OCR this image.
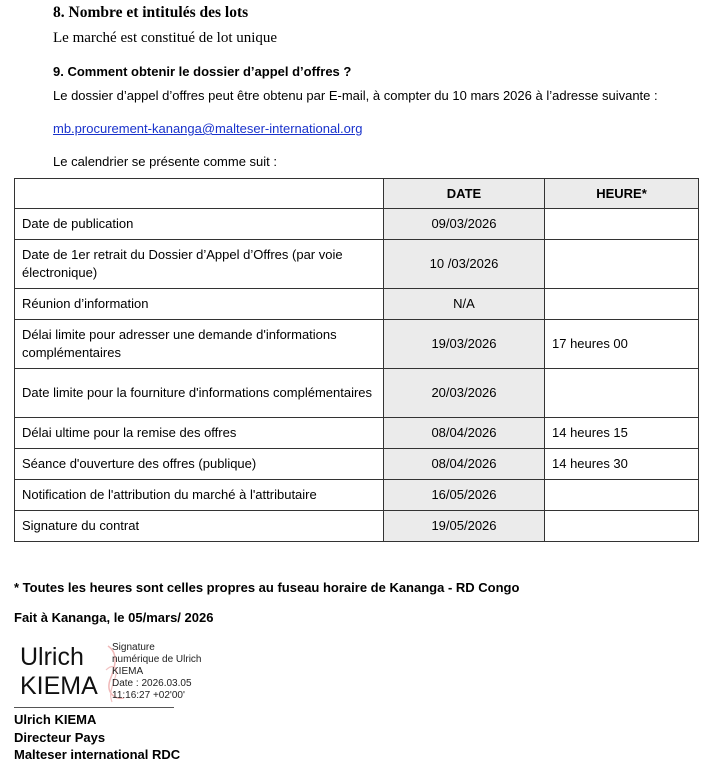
8. Nombre et intitulés des lots
Le marché est constitué de lot unique
9. Comment obtenir le dossier d’appel d’offres ?
Le dossier d’appel d’offres peut être obtenu par E-mail, à compter du 10 mars 2026 à l’adresse suivante :
mb.procurement-kananga@malteser-international.org
Le calendrier se présente comme suit :
	DATE	HEURE*
Date de publication	09/03/2026	
Date de 1er retrait du Dossier d’Appel d’Offres (par voie électronique)	10 /03/2026	
Réunion d’information	N/A	
Délai limite pour adresser une demande d'informations complémentaires	19/03/2026	17 heures 00
Date limite pour la fourniture d'informations complémentaires	20/03/2026	
Délai ultime pour la remise des offres	08/04/2026	14 heures 15
Séance d'ouverture des offres (publique)	08/04/2026	14 heures 30
Notification de l'attribution du marché à l'attributaire	16/05/2026	
Signature du contrat	19/05/2026	
* Toutes les heures sont celles propres au fuseau horaire de Kananga - RD Congo
Fait à Kananga, le 05/mars/ 2026
Ulrich
KIEMA
Signature
numérique de Ulrich
KIEMA
Date : 2026.03.05
11:16:27 +02'00'
Ulrich KIEMA
Directeur Pays
Malteser international RDC
